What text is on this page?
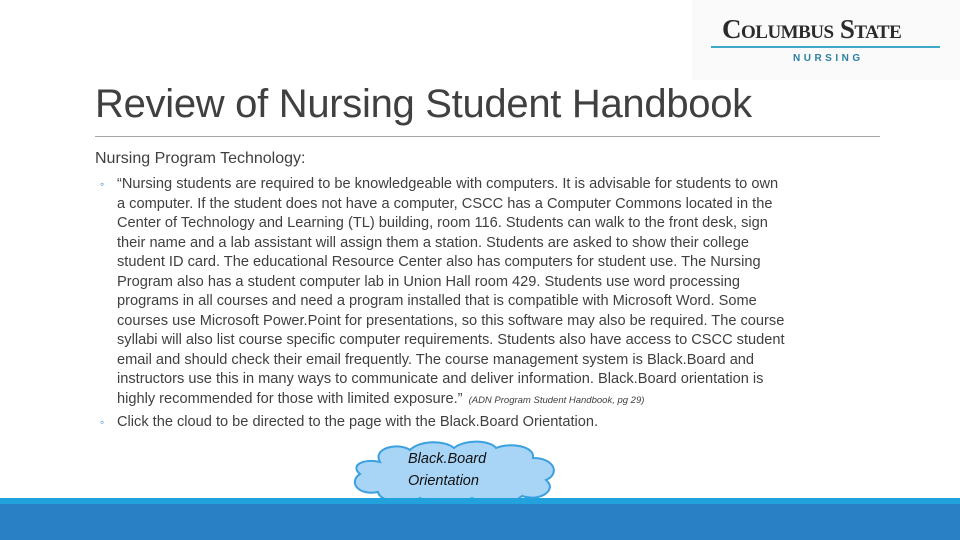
Columbus State
NURSING
Review of Nursing Student Handbook
Nursing Program Technology:
◦ “Nursing students are required to be knowledgeable with computers. It is advisable for students to own
a computer. If the student does not have a computer, CSCC has a Computer Commons located in the
Center of Technology and Learning (TL) building, room 116. Students can walk to the front desk, sign
their name and a lab assistant will assign them a station. Students are asked to show their college
student ID card. The educational Resource Center also has computers for student use. The Nursing
Program also has a student computer lab in Union Hall room 429. Students use word processing
programs in all courses and need a program installed that is compatible with Microsoft Word. Some
courses use Microsoft Power.Point for presentations, so this software may also be required. The course
syllabi will also list course specific computer requirements. Students also have access to CSCC student
email and should check their email frequently. The course management system is Black.Board and
instructors use this in many ways to communicate and deliver information. Black.Board orientation is
highly recommended for those with limited exposure.” (ADN Program Student Handbook, pg 29)
◦ Click the cloud to be directed to the page with the Black.Board Orientation.
Black.Board
Orientation
